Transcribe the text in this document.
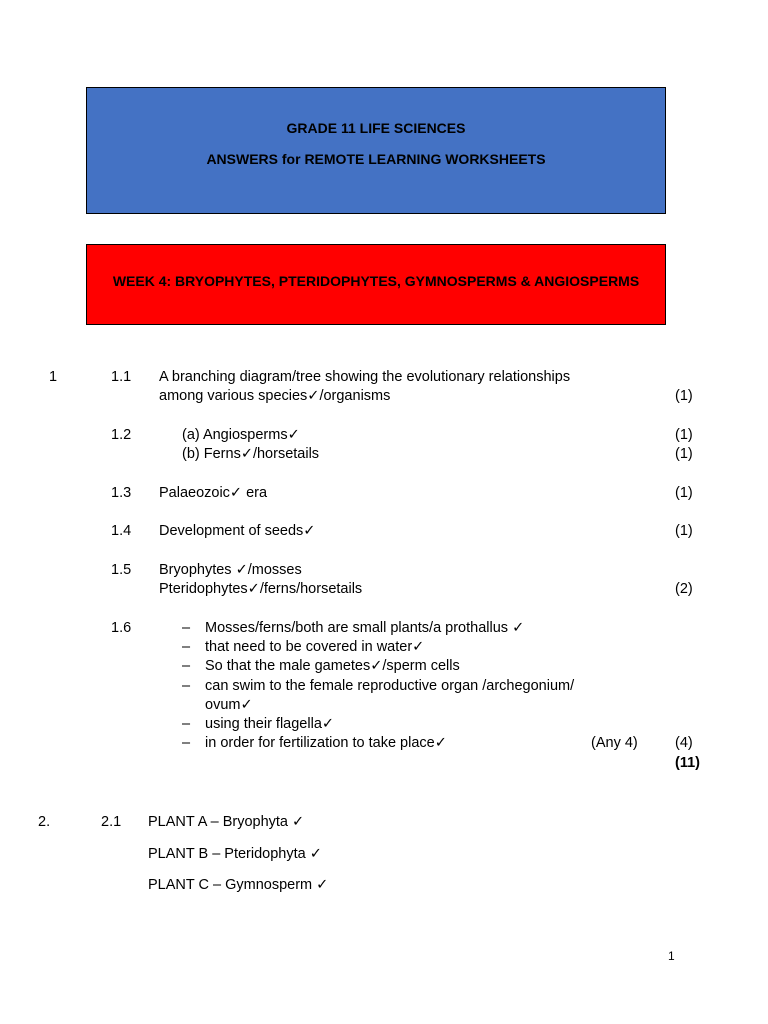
GRADE 11 LIFE SCIENCES
ANSWERS for REMOTE LEARNING WORKSHEETS
WEEK 4: BRYOPHYTES, PTERIDOPHYTES, GYMNOSPERMS & ANGIOSPERMS
1	1.1 A branching diagram/tree showing the evolutionary relationships
among various species✓/organisms	(1)
1.2	(a) Angiosperms✓	(1)
(b) Ferns✓/horsetails	(1)
1.3 Palaeozoic✓ era	(1)
1.4 Development of seeds✓	(1)
1.5 Bryophytes ✓/mosses
Pteridophytes✓/ferns/horsetails	(2)
1.6	– Mosses/ferns/both are small plants/a prothallus ✓
– that need to be covered in water✓
– So that the male gametes✓/sperm cells
– can swim to the female reproductive organ /archegonium/
ovum✓
– using their flagella✓
– in order for fertilization to take place✓	(Any 4)	(4)
(11)
2.	2.1 PLANT A – Bryophyta ✓
PLANT B – Pteridophyta ✓
PLANT C – Gymnosperm ✓
1
